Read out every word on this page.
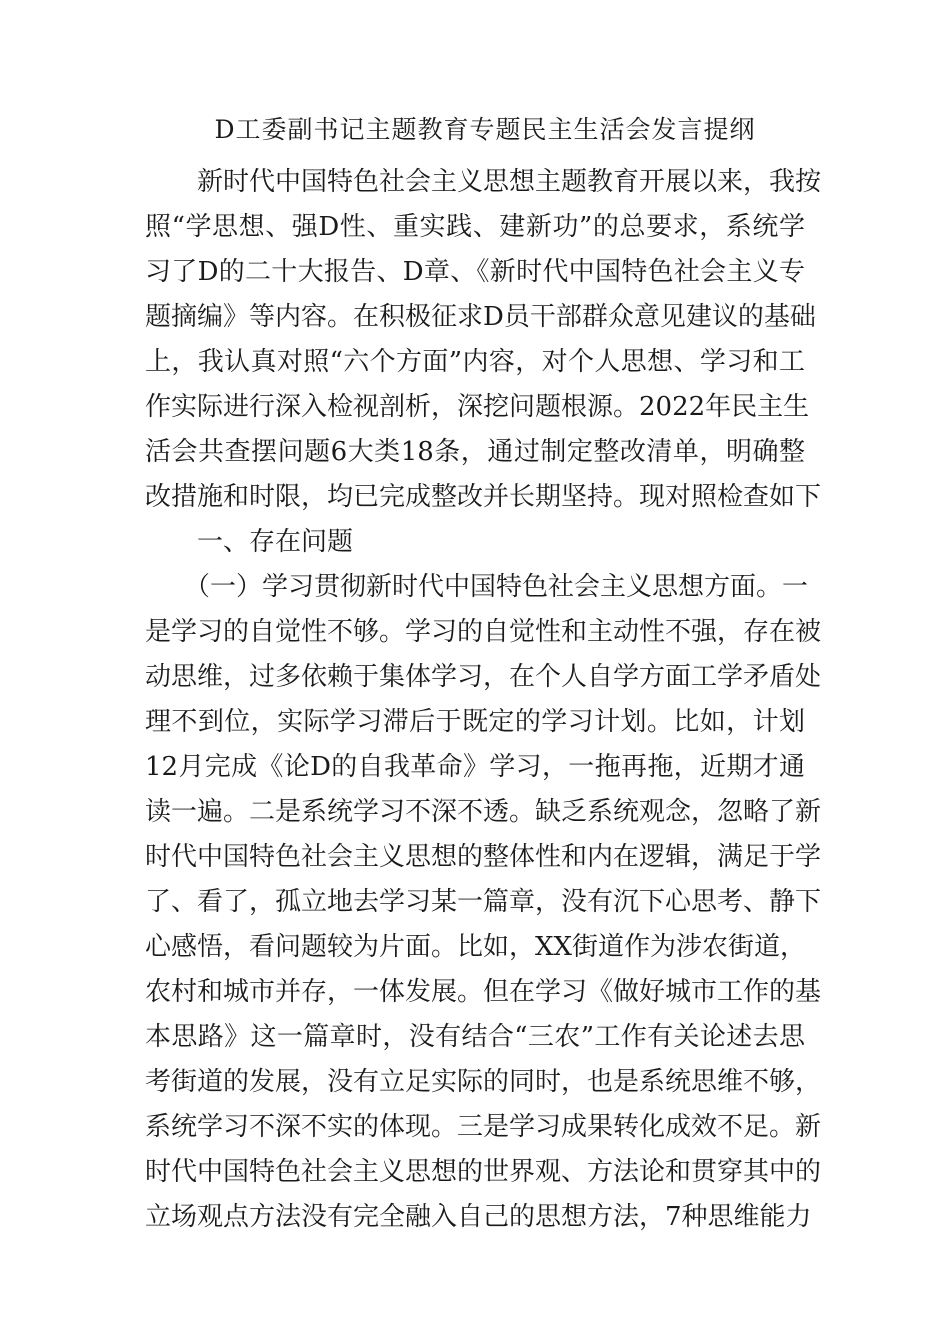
D工委副书记主题教育专题民主生活会发言提纲
　　新时代中国特色社会主义思想主题教育开展以来，我按
照“学思想、强D性、重实践、建新功”的总要求，系统学
习了D的二十大报告、D章、《新时代中国特色社会主义专
题摘编》等内容。在积极征求D员干部群众意见建议的基础
上，我认真对照“六个方面”内容，对个人思想、学习和工
作实际进行深入检视剖析，深挖问题根源。2022年民主生
活会共查摆问题6大类18条，通过制定整改清单，明确整
改措施和时限，均已完成整改并长期坚持。现对照检查如下
　　一、存在问题
　　（一）学习贯彻新时代中国特色社会主义思想方面。一
是学习的自觉性不够。学习的自觉性和主动性不强，存在被
动思维，过多依赖于集体学习，在个人自学方面工学矛盾处
理不到位，实际学习滞后于既定的学习计划。比如，计划
12月完成《论D的自我革命》学习，一拖再拖，近期才通
读一遍。二是系统学习不深不透。缺乏系统观念，忽略了新
时代中国特色社会主义思想的整体性和内在逻辑，满足于学
了、看了，孤立地去学习某一篇章，没有沉下心思考、静下
心感悟，看问题较为片面。比如，XX街道作为涉农街道，
农村和城市并存，一体发展。但在学习《做好城市工作的基
本思路》这一篇章时，没有结合“三农”工作有关论述去思
考街道的发展，没有立足实际的同时，也是系统思维不够，
系统学习不深不实的体现。三是学习成果转化成效不足。新
时代中国特色社会主义思想的世界观、方法论和贯穿其中的
立场观点方法没有完全融入自己的思想方法，7种思维能力
